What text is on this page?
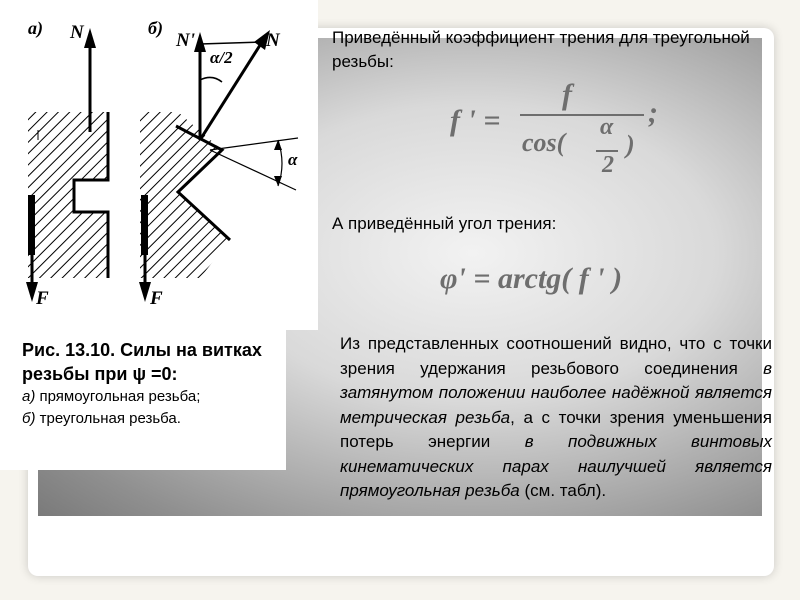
а)	б)
N	N'	N
α/2
α
F	F
Рис. 13.10. Силы на витках резьбы при ψ =0:
а) прямоугольная резьба;
б) треугольная резьба.
Приведённый коэффициент трения для треугольной резьбы:
f ' =
f
cos(
α
2
)
;
А приведённый угол трения:
φ' = arctg( f ' )
Из представленных соотношений видно, что с точки зрения удержания резьбового соединения в затянутом положении наиболее надёжной является метрическая резьба, а с точки зрения уменьшения потерь энергии в подвижных винтовых кинематических парах наилучшей является прямоугольная резьба (см. табл).
